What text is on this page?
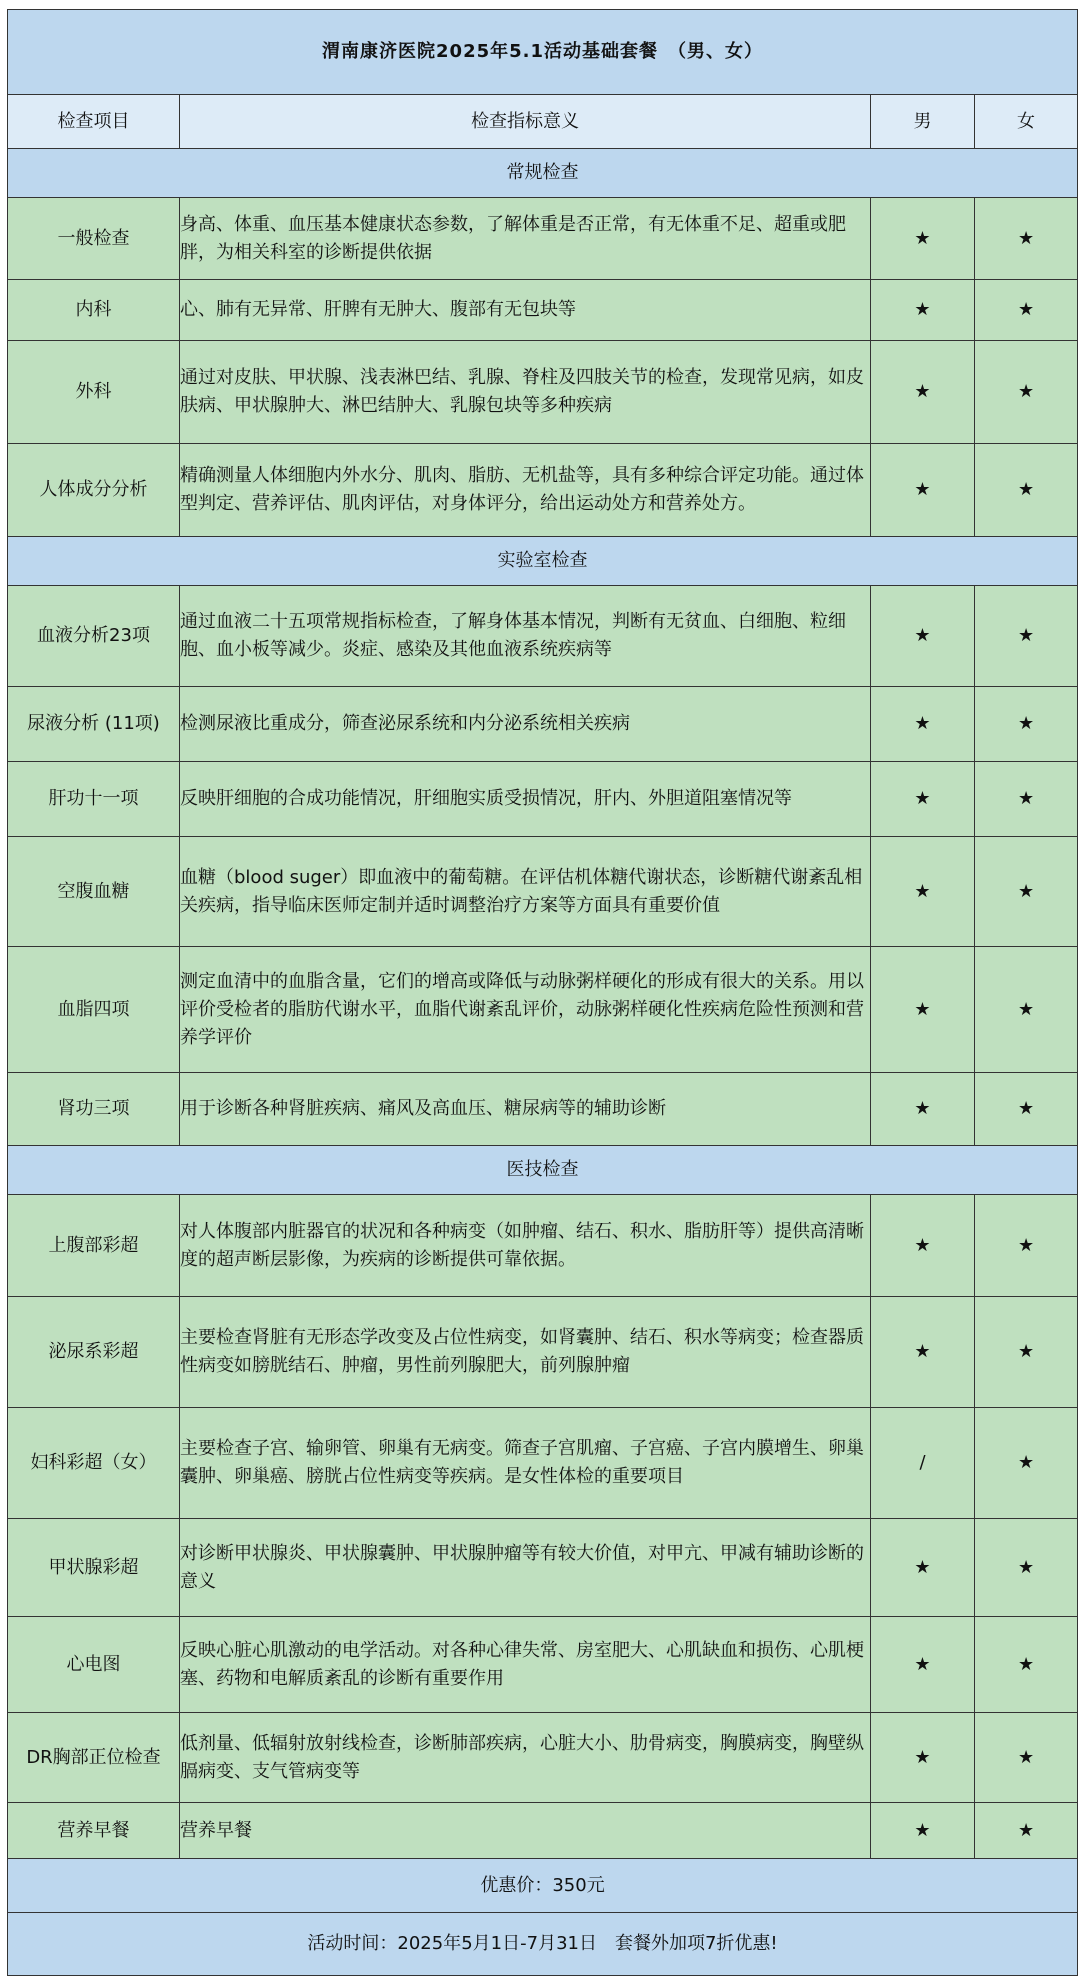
渭南康济医院2025年5.1活动基础套餐　（男、女）			
检查项目	检查指标意义	男	女
常规检查			
一般检查	身高、体重、血压基本健康状态参数，了解体重是否正常，有无体重不足、超重或肥胖，为相关科室的诊断提供依据	★	★
内科	心、肺有无异常、肝脾有无肿大、腹部有无包块等	★	★
外科	通过对皮肤、甲状腺、浅表淋巴结、乳腺、脊柱及四肢关节的检查，发现常见病，如皮肤病、甲状腺肿大、淋巴结肿大、乳腺包块等多种疾病	★	★
人体成分分析	精确测量人体细胞内外水分、肌肉、脂肪、无机盐等，具有多种综合评定功能。通过体型判定、营养评估、肌肉评估，对身体评分，给出运动处方和营养处方。	★	★
实验室检查			
血液分析23项	通过血液二十五项常规指标检查，了解身体基本情况，判断有无贫血、白细胞、粒细胞、血小板等减少。炎症、感染及其他血液系统疾病等	★	★
尿液分析 (11项)	检测尿液比重成分，筛查泌尿系统和内分泌系统相关疾病	★	★
肝功十一项	反映肝细胞的合成功能情况，肝细胞实质受损情况，肝内、外胆道阻塞情况等	★	★
空腹血糖	血糖（blood suger）即血液中的葡萄糖。在评估机体糖代谢状态，诊断糖代谢紊乱相关疾病，指导临床医师定制并适时调整治疗方案等方面具有重要价值	★	★
血脂四项	测定血清中的血脂含量，它们的增高或降低与动脉粥样硬化的形成有很大的关系。用以评价受检者的脂肪代谢水平，血脂代谢紊乱评价，动脉粥样硬化性疾病危险性预测和营养学评价	★	★
肾功三项	用于诊断各种肾脏疾病、痛风及高血压、糖尿病等的辅助诊断	★	★
医技检查			
上腹部彩超	对人体腹部内脏器官的状况和各种病变（如肿瘤、结石、积水、脂肪肝等）提供高清晰度的超声断层影像，为疾病的诊断提供可靠依据。	★	★
泌尿系彩超	主要检查肾脏有无形态学改变及占位性病变，如肾囊肿、结石、积水等病变；检查器质性病变如膀胱结石、肿瘤，男性前列腺肥大，前列腺肿瘤	★	★
妇科彩超（女）	主要检查子宫、输卵管、卵巢有无病变。筛查子宫肌瘤、子宫癌、子宫内膜增生、卵巢囊肿、卵巢癌、膀胱占位性病变等疾病。是女性体检的重要项目	/	★
甲状腺彩超	对诊断甲状腺炎、甲状腺囊肿、甲状腺肿瘤等有较大价值，对甲亢、甲减有辅助诊断的意义	★	★
心电图	反映心脏心肌激动的电学活动。对各种心律失常、房室肥大、心肌缺血和损伤、心肌梗塞、药物和电解质紊乱的诊断有重要作用	★	★
DR胸部正位检查	低剂量、低辐射放射线检查，诊断肺部疾病，心脏大小、肋骨病变，胸膜病变，胸壁纵膈病变、支气管病变等	★	★
营养早餐	营养早餐	★	★
优惠价：350元			
活动时间：2025年5月1日-7月31日　套餐外加项7折优惠!			
